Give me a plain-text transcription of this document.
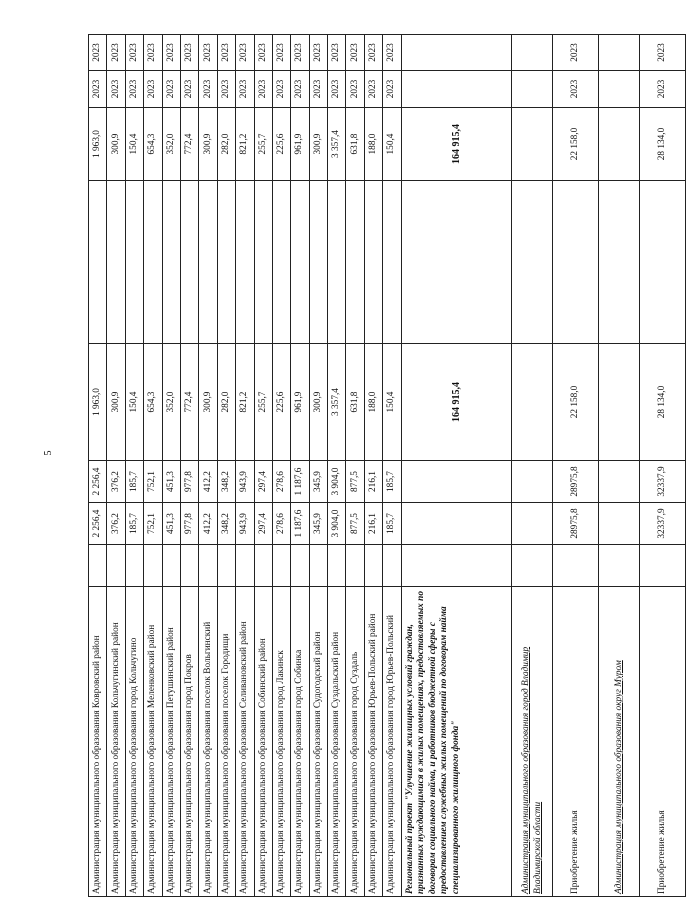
5
Администрация муниципального образования Ковровский район		2 256,4	2 256,4	1 963,0		1 963,0	2023	2023
Администрация муниципального образования Кольчугинский район		376,2	376,2	300,9		300,9	2023	2023
Администрация муниципального образования город Кольчугино		185,7	185,7	150,4		150,4	2023	2023
Администрация муниципального образования Меленковский район		752,1	752,1	654,3		654,3	2023	2023
Администрация муниципального образования Петушинский район		451,3	451,3	352,0		352,0	2023	2023
Администрация муниципального образования город Покров		977,8	977,8	772,4		772,4	2023	2023
Администрация муниципального образования поселок Вольгинский		412,2	412,2	300,9		300,9	2023	2023
Администрация муниципального образования поселок Городищи		348,2	348,2	282,0		282,0	2023	2023
Администрация муниципального образования Селивановский район		943,9	943,9	821,2		821,2	2023	2023
Администрация муниципального образования Собинский район		297,4	297,4	255,7		255,7	2023	2023
Администрация муниципального образования город Лакинск		278,6	278,6	225,6		225,6	2023	2023
Администрация муниципального образования город Собинка		1 187,6	1 187,6	961,9		961,9	2023	2023
Администрация муниципального образования Судогодский район		345,9	345,9	300,9		300,9	2023	2023
Администрация муниципального образования Суздальский район		3 904,0	3 904,0	3 357,4		3 357,4	2023	2023
Администрация муниципального образования город Суздаль		877,5	877,5	631,8		631,8	2023	2023
Администрация муниципального образования Юрьев-Польский район		216,1	216,1	188,0		188,0	2023	2023
Администрация муниципального образования город Юрьев-Польский		185,7	185,7	150,4		150,4	2023	2023
Региональный проект "Улучшение жилищных условий граждан, признанных нуждающимися в жилых помещениях, предоставляемых по договорам социального найма, и работников бюджетной сферы с предоставлением служебных жилых помещений по договорам найма специализированного жилищного фонда"				164 915,4		164 915,4		
Администрация муниципального образования город Владимир Владимирской области								
Приобретение жилья		28975,8	28975,8	22 158,0		22 158,0	2023	2023
Администрация муниципального образования округ Муром								
Приобретение жилья		32337,9	32337,9	28 134,0		28 134,0	2023	2023
